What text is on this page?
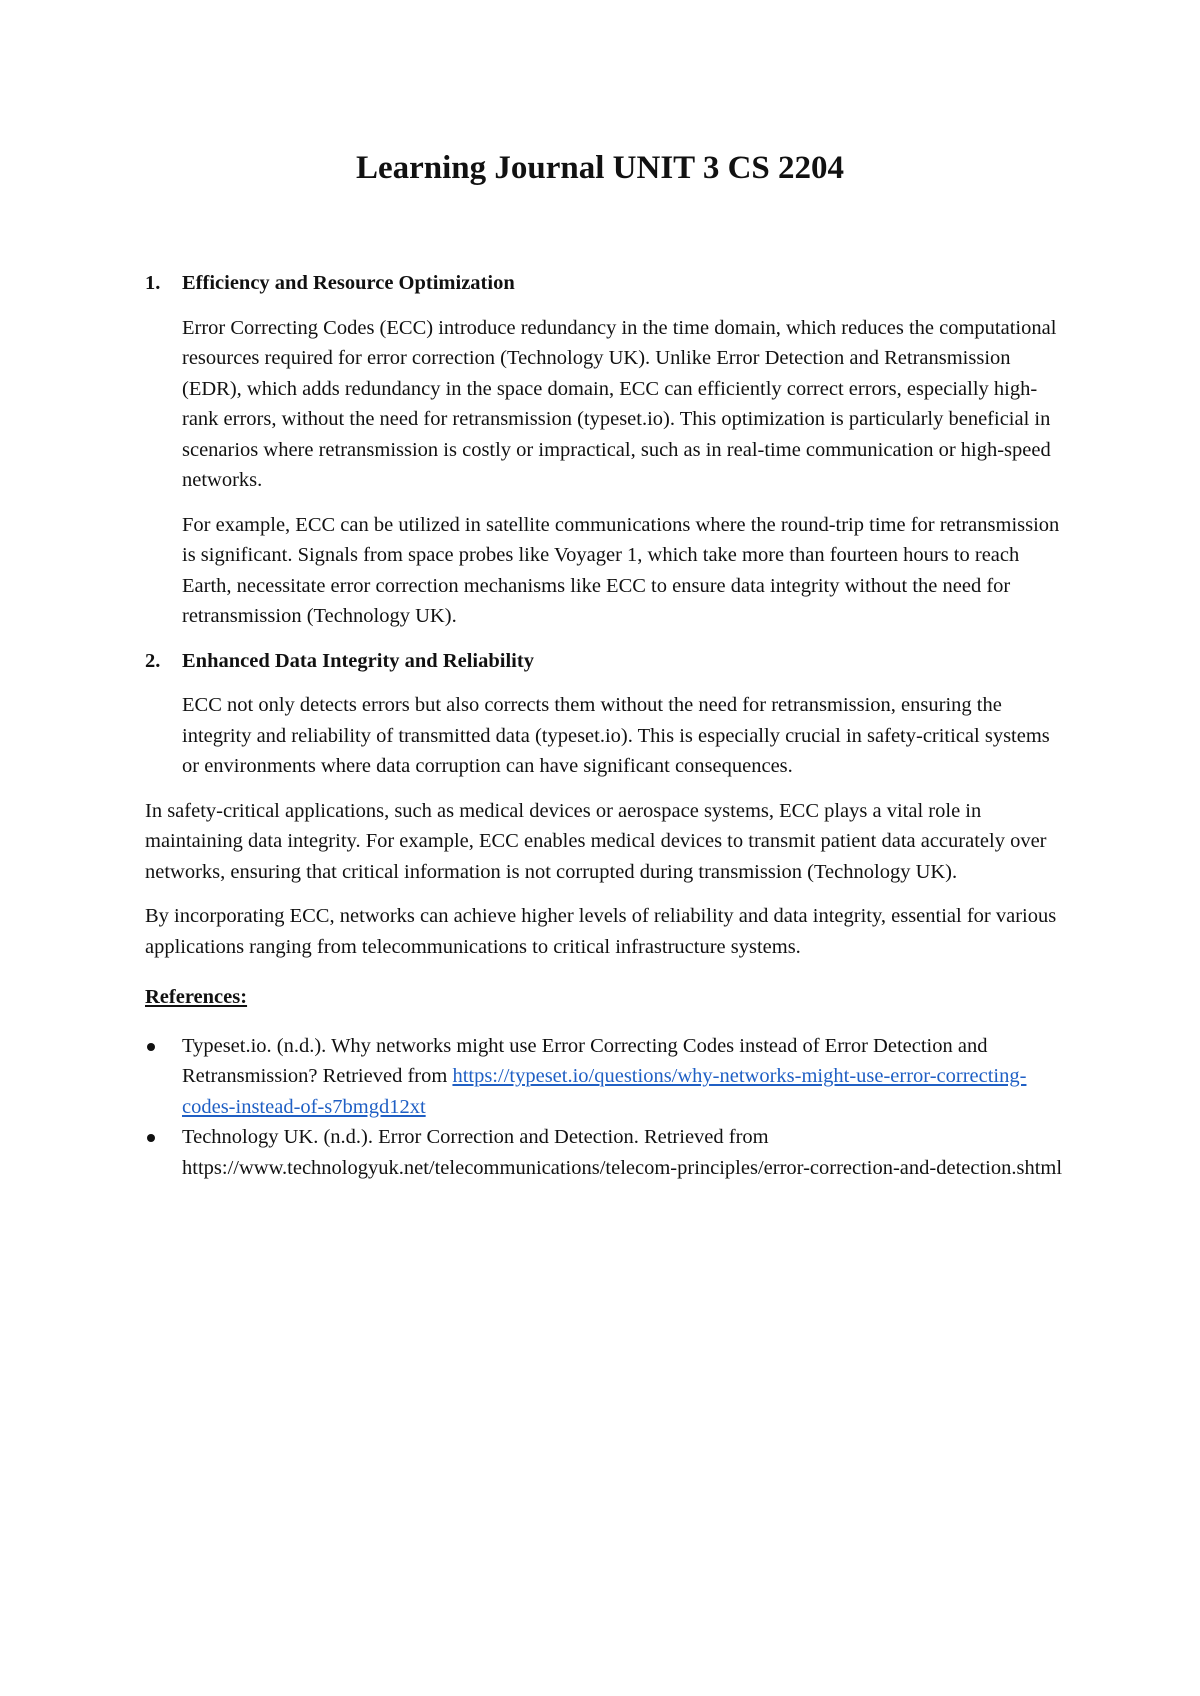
Learning Journal UNIT 3 CS 2204
1. Efficiency and Resource Optimization

Error Correcting Codes (ECC) introduce redundancy in the time domain, which reduces the computational resources required for error correction (Technology UK). Unlike Error Detection and Retransmission (EDR), which adds redundancy in the space domain, ECC can efficiently correct errors, especially high-rank errors, without the need for retransmission (typeset.io). This optimization is particularly beneficial in scenarios where retransmission is costly or impractical, such as in real-time communication or high-speed networks.

For example, ECC can be utilized in satellite communications where the round-trip time for retransmission is significant. Signals from space probes like Voyager 1, which take more than fourteen hours to reach Earth, necessitate error correction mechanisms like ECC to ensure data integrity without the need for retransmission (Technology UK).

2. Enhanced Data Integrity and Reliability

ECC not only detects errors but also corrects them without the need for retransmission, ensuring the integrity and reliability of transmitted data (typeset.io). This is especially crucial in safety-critical systems or environments where data corruption can have significant consequences.

In safety-critical applications, such as medical devices or aerospace systems, ECC plays a vital role in maintaining data integrity. For example, ECC enables medical devices to transmit patient data accurately over networks, ensuring that critical information is not corrupted during transmission (Technology UK).

By incorporating ECC, networks can achieve higher levels of reliability and data integrity, essential for various applications ranging from telecommunications to critical infrastructure systems.

References:
Typeset.io. (n.d.). Why networks might use Error Correcting Codes instead of Error Detection and Retransmission? Retrieved from https://typeset.io/questions/why-networks-might-use-error-correcting-codes-instead-of-s7bmgd12xt
Technology UK. (n.d.). Error Correction and Detection. Retrieved from https://www.technologyuk.net/telecommunications/telecom-principles/error-correction-and-detection.shtml
